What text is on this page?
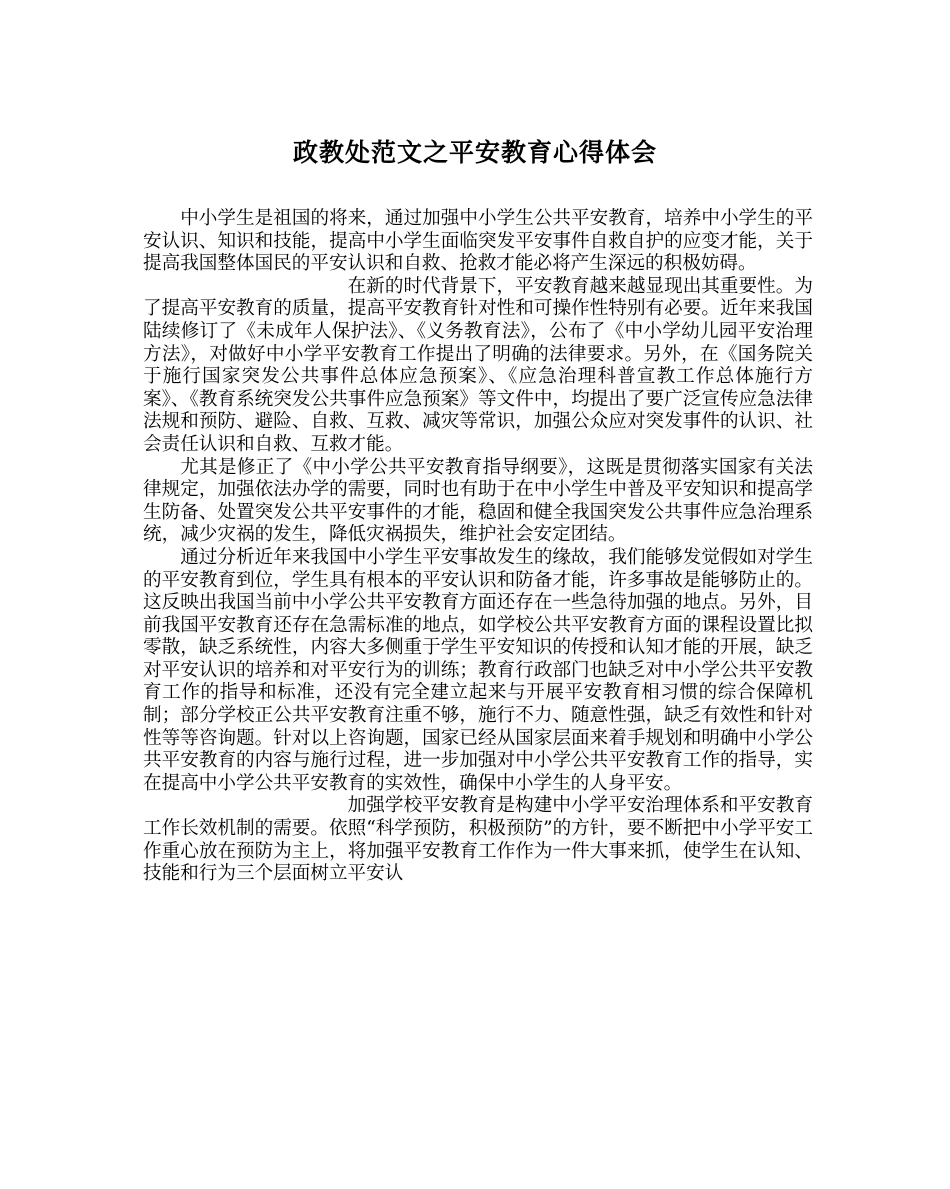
政教处范文之平安教育心得体会

中小学生是祖国的将来，通过加强中小学生公共平安教育，培养中小学生的平安认识、知识和技能，提高中小学生面临突发平安事件自救自护的应变才能，关于提高我国整体国民的平安认识和自救、抢救才能必将产生深远的积极妨碍。

在新的时代背景下，平安教育越来越显现出其重要性。为了提高平安教育的质量，提高平安教育针对性和可操作性特别有必要。近年来我国陆续修订了《未成年人保护法》、《义务教育法》，公布了《中小学幼儿园平安治理方法》，对做好中小学平安教育工作提出了明确的法律要求。另外，在《国务院关于施行国家突发公共事件总体应急预案》、《应急治理科普宣教工作总体施行方案》、《教育系统突发公共事件应急预案》等文件中，均提出了要广泛宣传应急法律法规和预防、避险、自救、互救、减灾等常识，加强公众应对突发事件的认识、社会责任认识和自救、互救才能。

尤其是修正了《中小学公共平安教育指导纲要》，这既是贯彻落实国家有关法律规定，加强依法办学的需要，同时也有助于在中小学生中普及平安知识和提高学生防备、处置突发公共平安事件的才能，稳固和健全我国突发公共事件应急治理系统，减少灾祸的发生，降低灾祸损失，维护社会安定团结。

通过分析近年来我国中小学生平安事故发生的缘故，我们能够发觉假如对学生的平安教育到位，学生具有根本的平安认识和防备才能，许多事故是能够防止的。这反映出我国当前中小学公共平安教育方面还存在一些急待加强的地点。另外，目前我国平安教育还存在急需标准的地点，如学校公共平安教育方面的课程设置比拟零散，缺乏系统性，内容大多侧重于学生平安知识的传授和认知才能的开展，缺乏对平安认识的培养和对平安行为的训练；教育行政部门也缺乏对中小学公共平安教育工作的指导和标准，还没有完全建立起来与开展平安教育相习惯的综合保障机制；部分学校正公共平安教育注重不够，施行不力、随意性强，缺乏有效性和针对性等等咨询题。针对以上咨询题，国家已经从国家层面来着手规划和明确中小学公共平安教育的内容与施行过程，进一步加强对中小学公共平安教育工作的指导，实在提高中小学公共平安教育的实效性，确保中小学生的人身平安。

加强学校平安教育是构建中小学平安治理体系和平安教育工作长效机制的需要。依照“科学预防，积极预防”的方针，要不断把中小学平安工作重心放在预防为主上，将加强平安教育工作作为一件大事来抓，使学生在认知、技能和行为三个层面树立平安认
